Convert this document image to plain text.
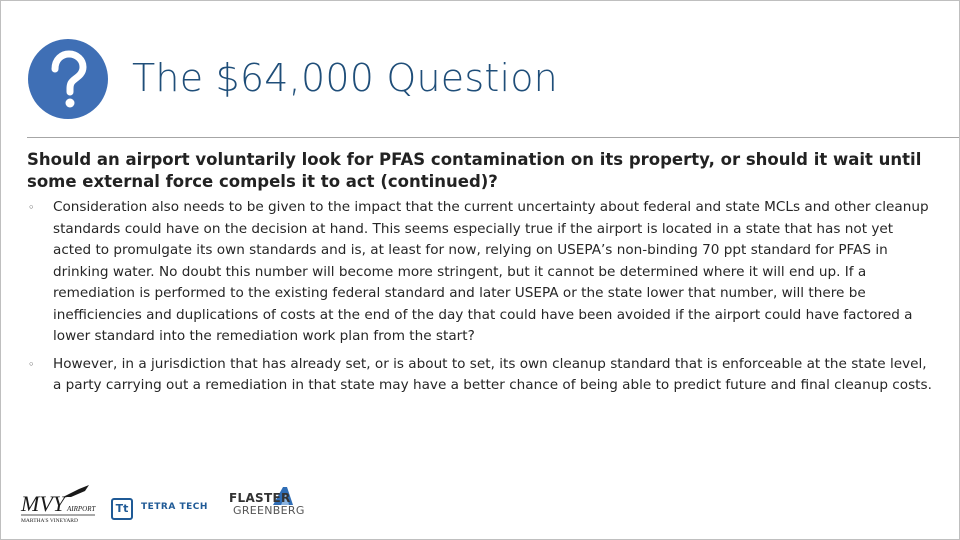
The $64,000 Question
Should an airport voluntarily look for PFAS contamination on its property, or should it wait until some external force compels it to act (continued)?
◦ Consideration also needs to be given to the impact that the current uncertainty about federal and state MCLs and other cleanup standards could have on the decision at hand. This seems especially true if the airport is located in a state that has not yet acted to promulgate its own standards and is, at least for now, relying on USEPA’s non-binding 70 ppt standard for PFAS in drinking water. No doubt this number will become more stringent, but it cannot be determined where it will end up. If a remediation is performed to the existing federal standard and later USEPA or the state lower that number, will there be inefficiencies and duplications of costs at the end of the day that could have been avoided if the airport could have factored a lower standard into the remediation work plan from the start?
◦ However, in a jurisdiction that has already set, or is about to set, its own cleanup standard that is enforceable at the state level, a party carrying out a remediation in that state may have a better chance of being able to predict future and final cleanup costs.
MVY AIRPORT
MARTHA'S VINEYARD
Tt	TETRA TECH
FLASTER
GREENBERG
